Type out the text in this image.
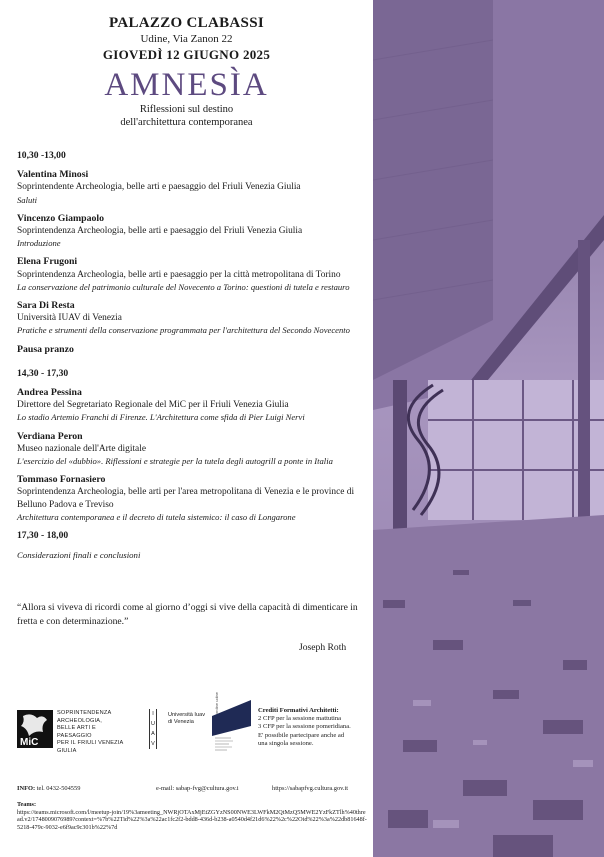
PALAZZO CLABASSI
Udine, Via Zanon 22
GIOVEDÌ 12 GIUGNO 2025
AMNESÌA
Riflessioni sul destino
dell'architettura contemporanea
10,30 -13,00
Valentina Minosi
Soprintendente Archeologia, belle arti e paesaggio del Friuli Venezia Giulia
Saluti
Vincenzo Giampaolo
Soprintendenza Archeologia, belle arti e paesaggio del Friuli Venezia Giulia
Introduzione
Elena Frugoni
Soprintendenza Archeologia, belle arti e paesaggio per la città metropolitana di Torino
La conservazione del patrimonio culturale del Novecento a Torino: questioni di tutela e restauro
Sara Di Resta
Università IUAV di Venezia
Pratiche e strumenti della conservazione programmata per l'architettura del Secondo Novecento
Pausa pranzo
14,30 - 17,30
Andrea Pessina
Direttore del Segretariato Regionale del MiC per il Friuli Venezia Giulia
Lo stadio Artemio Franchi di Firenze. L'Architettura come sfida di Pier Luigi Nervi
Verdiana Peron
Museo nazionale dell'Arte digitale
L'esercizio del «dubbio». Riflessioni e strategie per la tutela degli autogrill a ponte in Italia
Tommaso Fornasiero
Soprintendenza Archeologia, belle arti per l'area metropolitana di Venezia e le province di Belluno Padova e Treviso
Architettura contemporanea e il decreto di tutela sistemico: il caso di Longarone
17,30 - 18,00
Considerazioni finali e conclusioni
“Allora si viveva di ricordi come al giorno d’oggi si vive della capacità di dimenticare in fretta e con determinazione.”
Joseph Roth
MiC
SOPRINTENDENZA
ARCHEOLOGIA,
BELLE ARTI E
PAESAGGIO
PER IL FRIULI VENEZIA GIULIA
I
U
A
V
Università Iuav
di Venezia
ordine udine	Crediti Formativi Architetti:
2 CFP per la sessione mattutina
3 CFP per la sessione pomeridiana.
E' possibile partecipare anche ad
una singola sessione.
INFO: tel. 0432-504559	e-mail: sabap-fvg@cultura.gov.i	https://sabapfvg.cultura.gov.it
Teams:
https://teams.microsoft.com/l/meetup-join/19%3ameeting_NWRjOTAxMjEtZGYzNS00NWE3LWFkM2QtMzQ5MWE2YzFkZTlh%40thread.v2/1748009076989?context=%7b%22Tid%22%3a%22ac1fc2f2-bdd8-436d-b238-a0540d4f21d6%22%2c%22Oid%22%3a%22db81648f-5218-479c-9032-e6f9ac9c301b%22%7d
